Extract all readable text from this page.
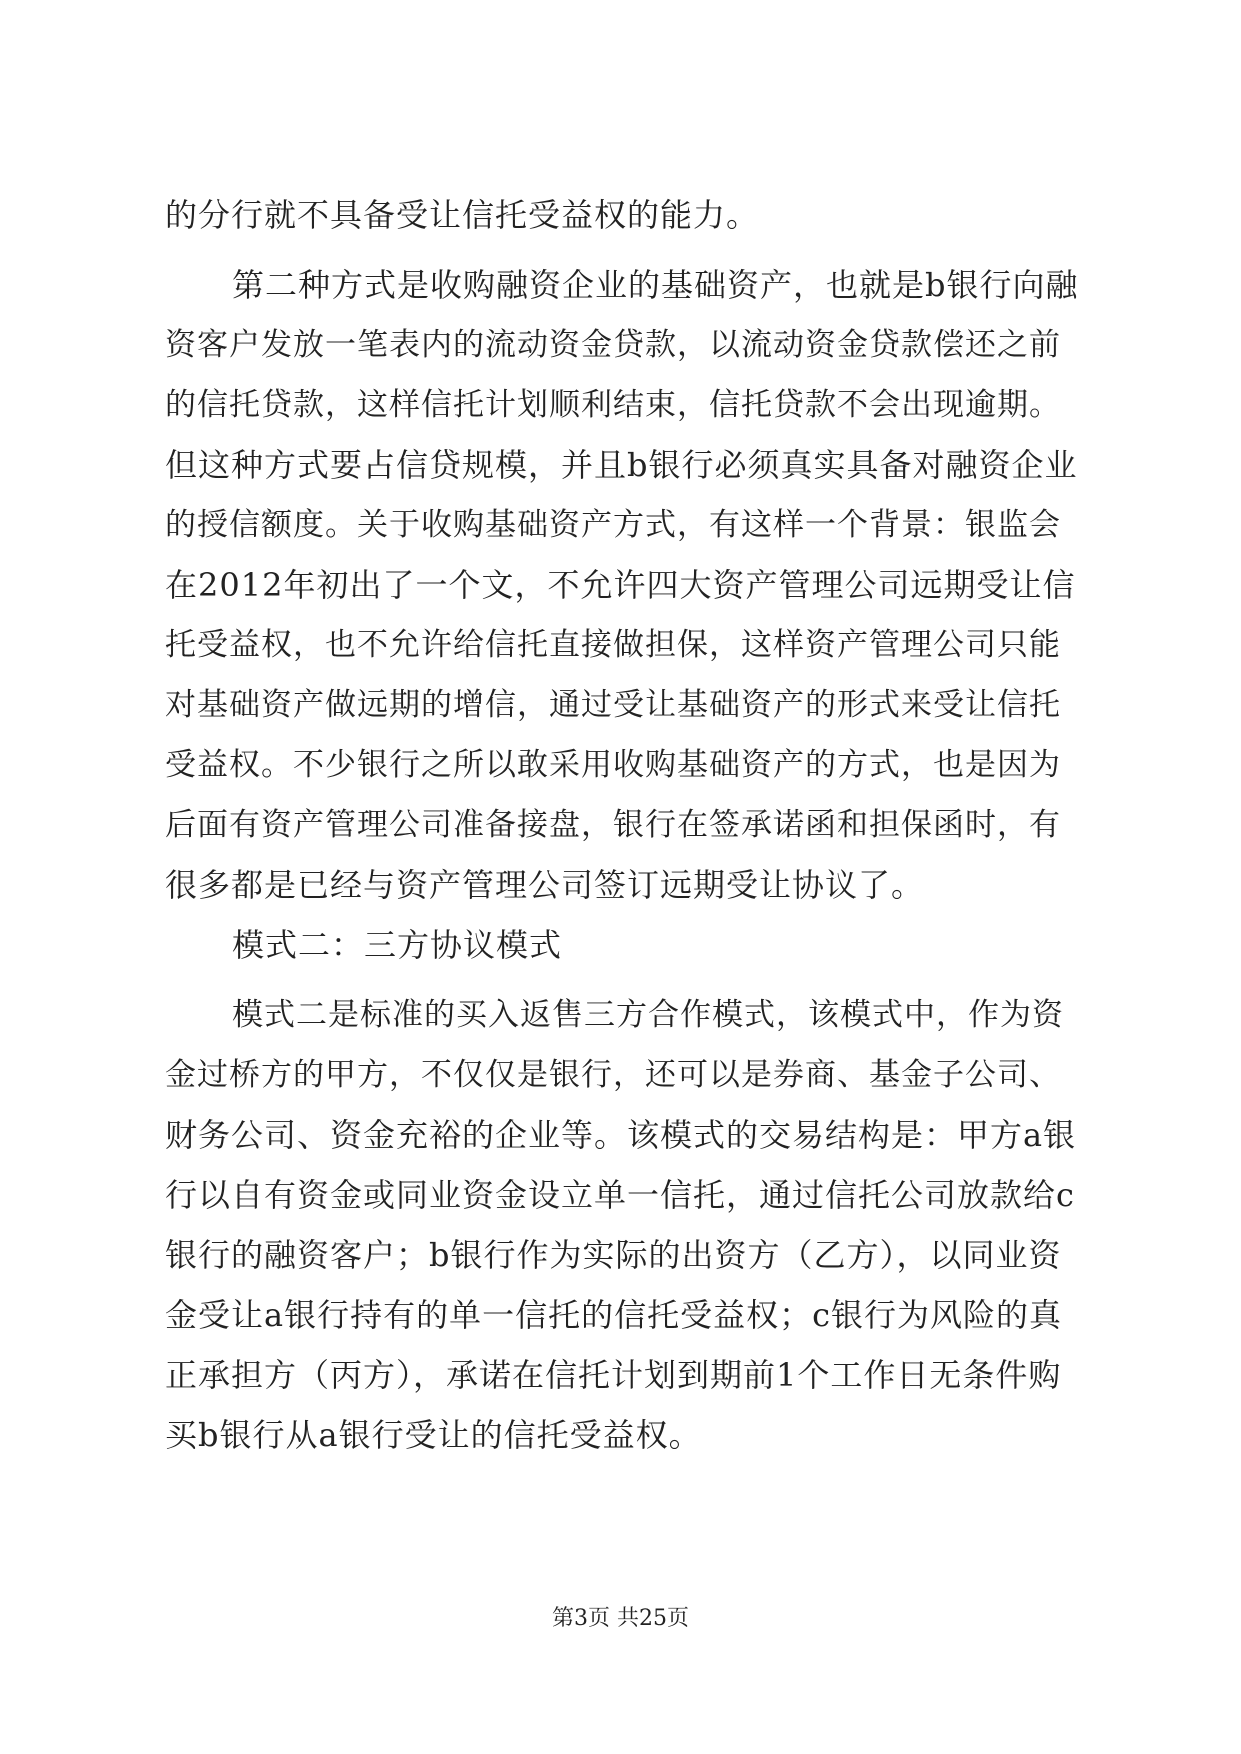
的分行就不具备受让信托受益权的能力。
第二种方式是收购融资企业的基础资产，也就是b银行向融
资客户发放一笔表内的流动资金贷款，以流动资金贷款偿还之前
的信托贷款，这样信托计划顺利结束，信托贷款不会出现逾期。
但这种方式要占信贷规模，并且b银行必须真实具备对融资企业
的授信额度。关于收购基础资产方式，有这样一个背景：银监会
在2012年初出了一个文，不允许四大资产管理公司远期受让信
托受益权，也不允许给信托直接做担保，这样资产管理公司只能
对基础资产做远期的增信，通过受让基础资产的形式来受让信托
受益权。不少银行之所以敢采用收购基础资产的方式，也是因为
后面有资产管理公司准备接盘，银行在签承诺函和担保函时，有
很多都是已经与资产管理公司签订远期受让协议了。
模式二：三方协议模式
模式二是标准的买入返售三方合作模式，该模式中，作为资
金过桥方的甲方，不仅仅是银行，还可以是券商、基金子公司、
财务公司、资金充裕的企业等。该模式的交易结构是：甲方a银
行以自有资金或同业资金设立单一信托，通过信托公司放款给c
银行的融资客户；b银行作为实际的出资方（乙方），以同业资
金受让a银行持有的单一信托的信托受益权；c银行为风险的真
正承担方（丙方），承诺在信托计划到期前1个工作日无条件购
买b银行从a银行受让的信托受益权。
第3页 共25页
